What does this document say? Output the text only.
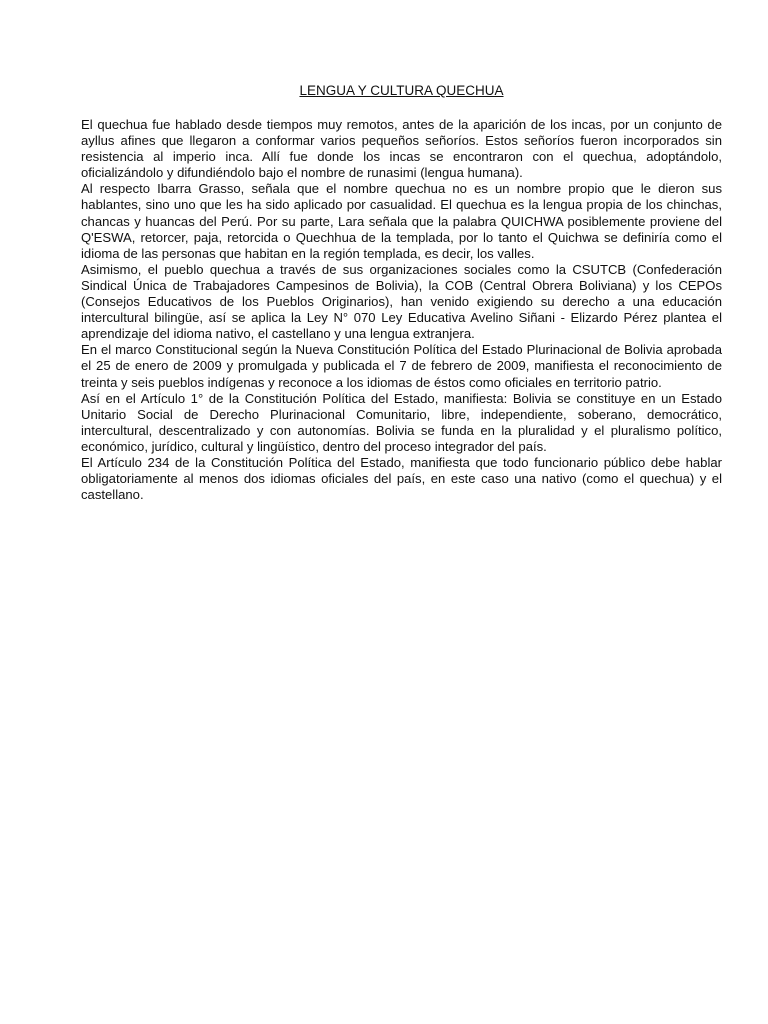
LENGUA Y CULTURA QUECHUA

El quechua fue hablado desde tiempos muy remotos, antes de la aparición de los incas, por un conjunto de ayllus afines que llegaron a conformar varios pequeños señoríos. Estos señoríos fueron incorporados sin resistencia al imperio inca. Allí fue donde los incas se encontraron con el quechua, adoptándolo, oficializándolo y difundiéndolo bajo el nombre de runasimi (lengua humana).

Al respecto Ibarra Grasso, señala que el nombre quechua no es un nombre propio que le dieron sus hablantes, sino uno que les ha sido aplicado por casualidad. El quechua es la lengua propia de los chinchas, chancas y huancas del Perú. Por su parte, Lara señala que la palabra QUICHWA posiblemente proviene del Q'ESWA, retorcer, paja, retorcida o Quechhua de la templada, por lo tanto el Quichwa se definiría como el idioma de las personas que habitan en la región templada, es decir, los valles.

Asimismo, el pueblo quechua a través de sus organizaciones sociales como la CSUTCB (Confederación Sindical Única de Trabajadores Campesinos de Bolivia), la COB (Central Obrera Boliviana) y los CEPOs (Consejos Educativos de los Pueblos Originarios), han venido exigiendo su derecho a una educación intercultural bilingüe, así se aplica la Ley N° 070 Ley Educativa Avelino Siñani - Elizardo Pérez plantea el aprendizaje del idioma nativo, el castellano y una lengua extranjera.

En el marco Constitucional según la Nueva Constitución Política del Estado Plurinacional de Bolivia aprobada el 25 de enero de 2009 y promulgada y publicada el 7 de febrero de 2009, manifiesta el reconocimiento de treinta y seis pueblos indígenas y reconoce a los idiomas de éstos como oficiales en territorio patrio.

Así en el Artículo 1° de la Constitución Política del Estado, manifiesta: Bolivia se constituye en un Estado Unitario Social de Derecho Plurinacional Comunitario, libre, independiente, soberano, democrático, intercultural, descentralizado y con autonomías. Bolivia se funda en la pluralidad y el pluralismo político, económico, jurídico, cultural y lingüístico, dentro del proceso integrador del país.

El Artículo 234 de la Constitución Política del Estado, manifiesta que todo funcionario público debe hablar obligatoriamente al menos dos idiomas oficiales del país, en este caso una nativo (como el quechua) y el castellano.
